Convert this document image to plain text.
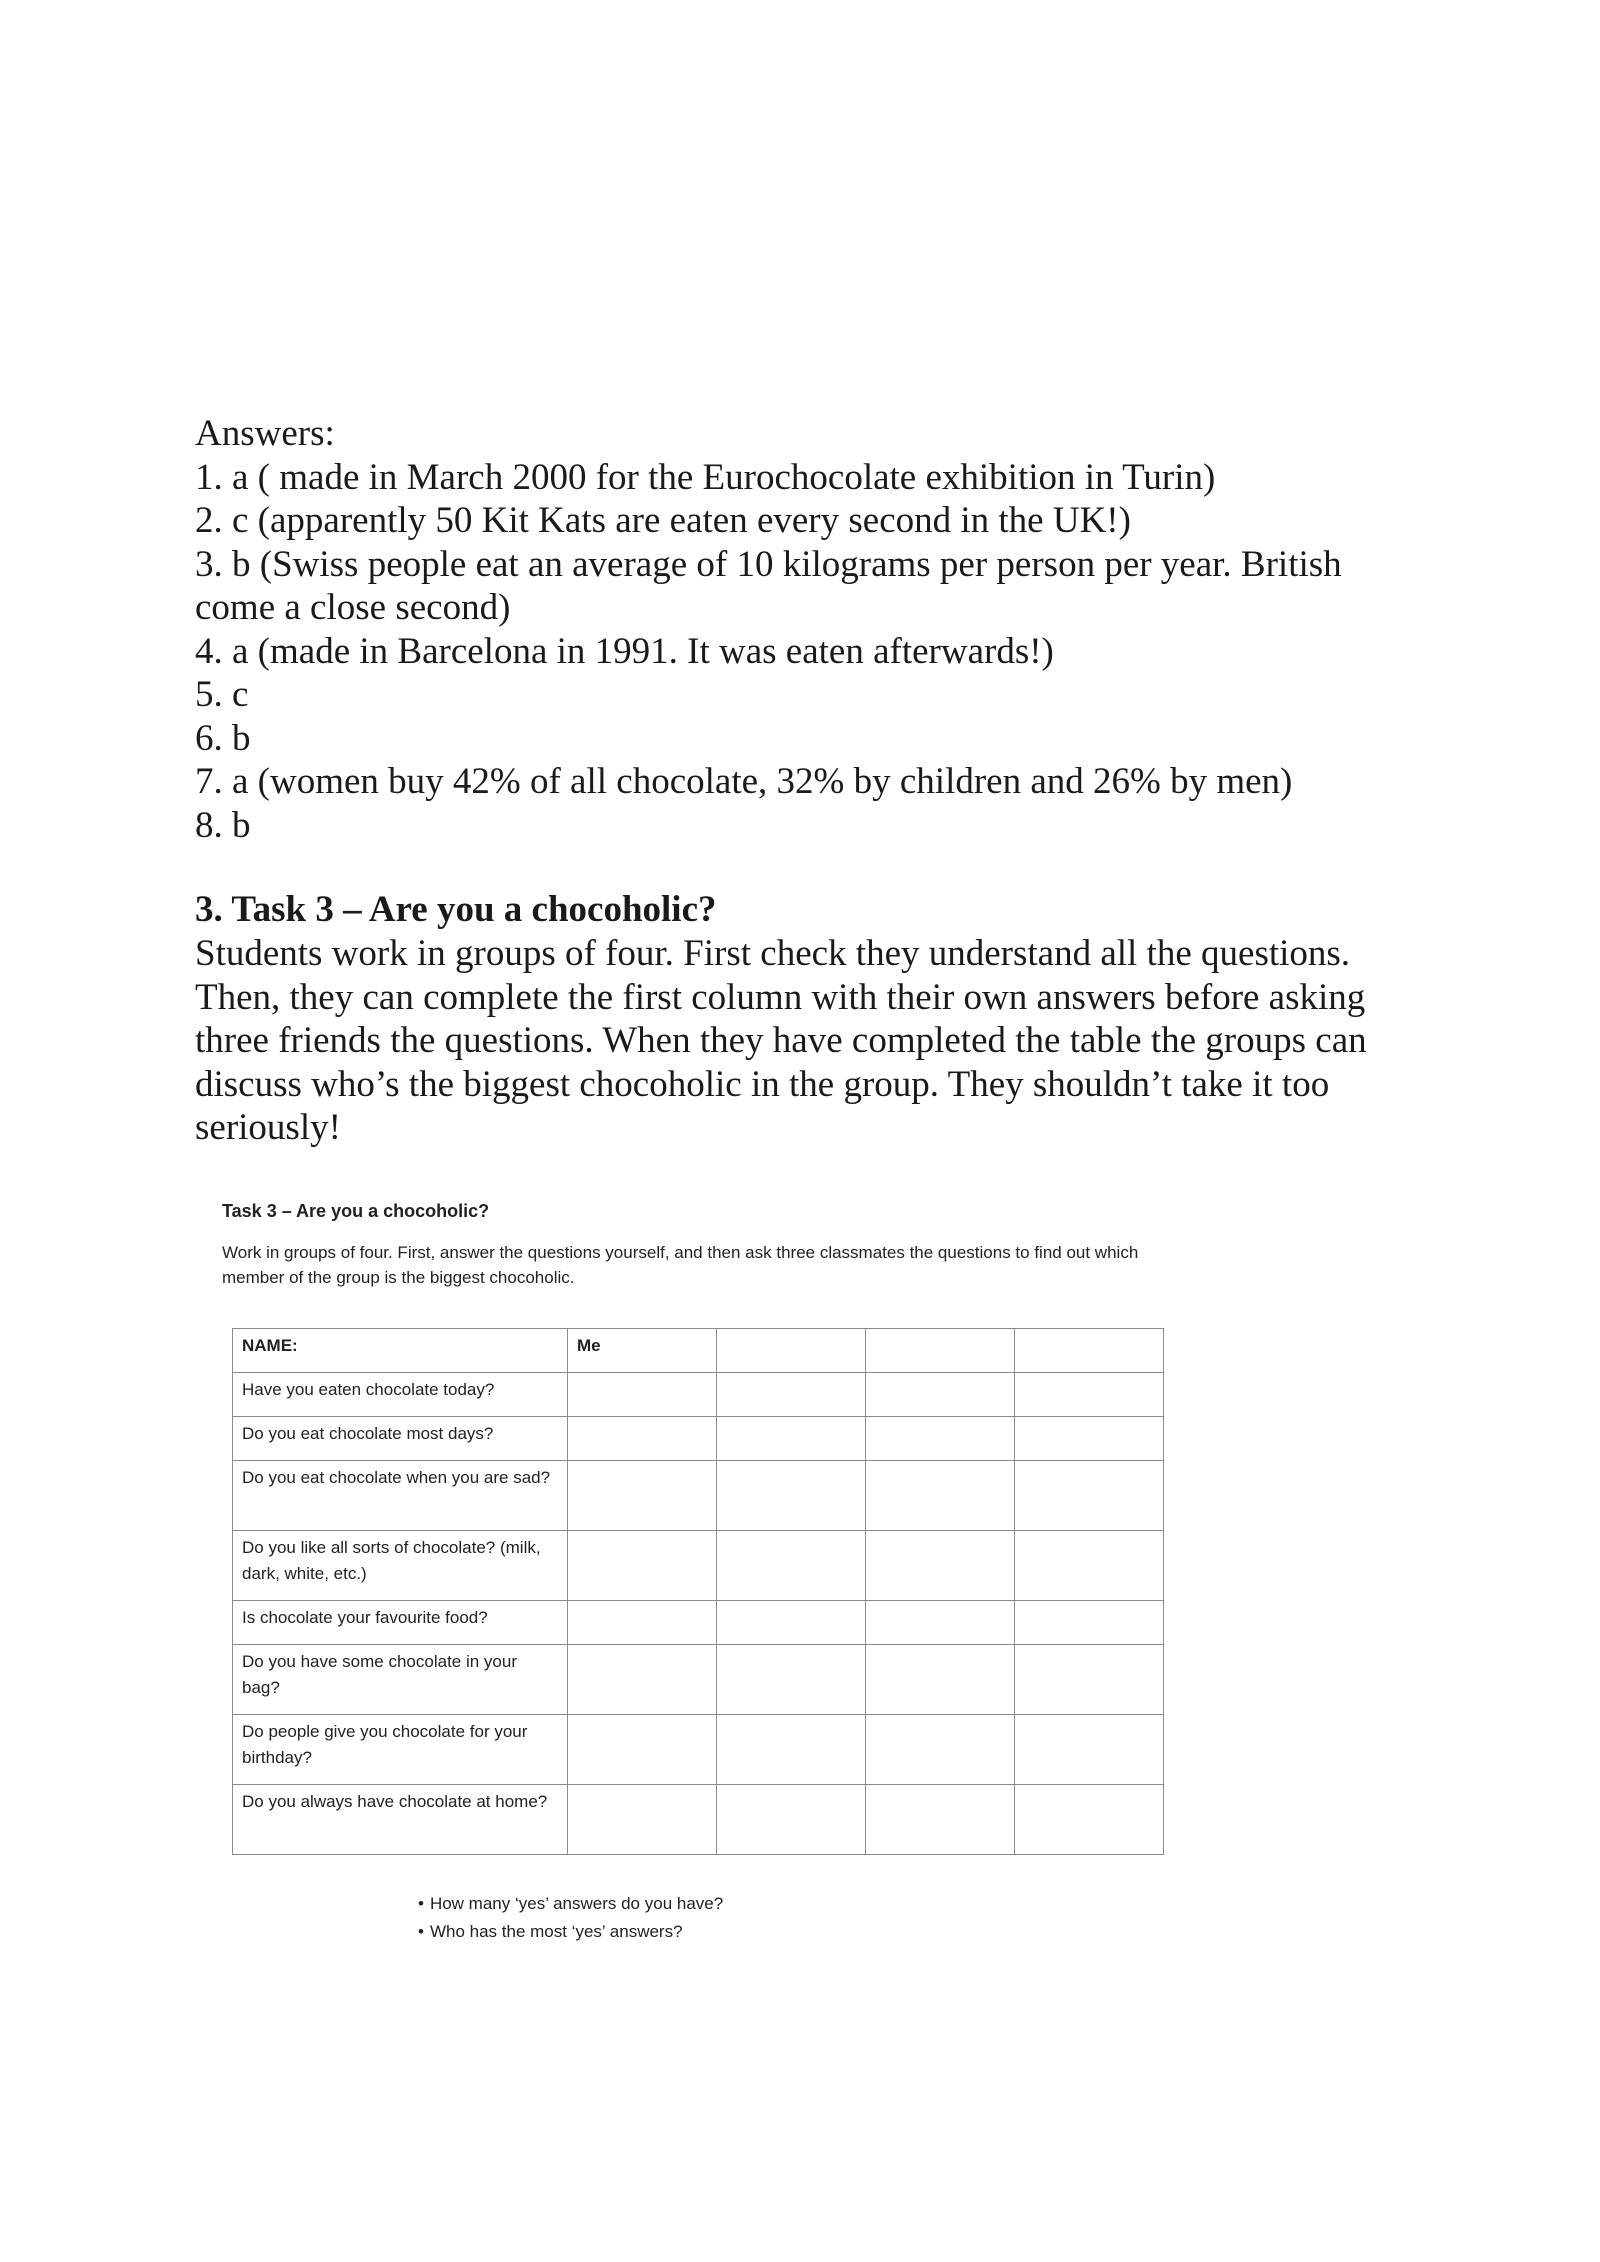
Answers:

1. a ( made in March 2000 for the Eurochocolate exhibition in Turin)

2. c (apparently 50 Kit Kats are eaten every second in the UK!)

3. b (Swiss people eat an average of 10 kilograms per person per year. British come a close second)

4. a (made in Barcelona in 1991. It was eaten afterwards!)

5. c

6. b

7. a (women buy 42% of all chocolate, 32% by children and 26% by men)

8. b

3. Task 3 – Are you a chocoholic?

Students work in groups of four. First check they understand all the questions. Then, they can complete the first column with their own answers before asking three friends the questions. When they have completed the table the groups can discuss who’s the biggest chocoholic in the group. They shouldn’t take it too seriously!

Task 3 – Are you a chocoholic?

Work in groups of four. First, answer the questions yourself, and then ask three classmates the questions to find out which member of the group is the biggest chocoholic.

NAME:	Me			
Have you eaten chocolate today?				
Do you eat chocolate most days?				
Do you eat chocolate when you are sad?				
Do you like all sorts of chocolate? (milk, dark, white, etc.)				
Is chocolate your favourite food?				
Do you have some chocolate in your bag?				
Do people give you chocolate for your birthday?				
Do you always have chocolate at home?				
• How many ‘yes’ answers do you have?
• Who has the most ‘yes’ answers?
